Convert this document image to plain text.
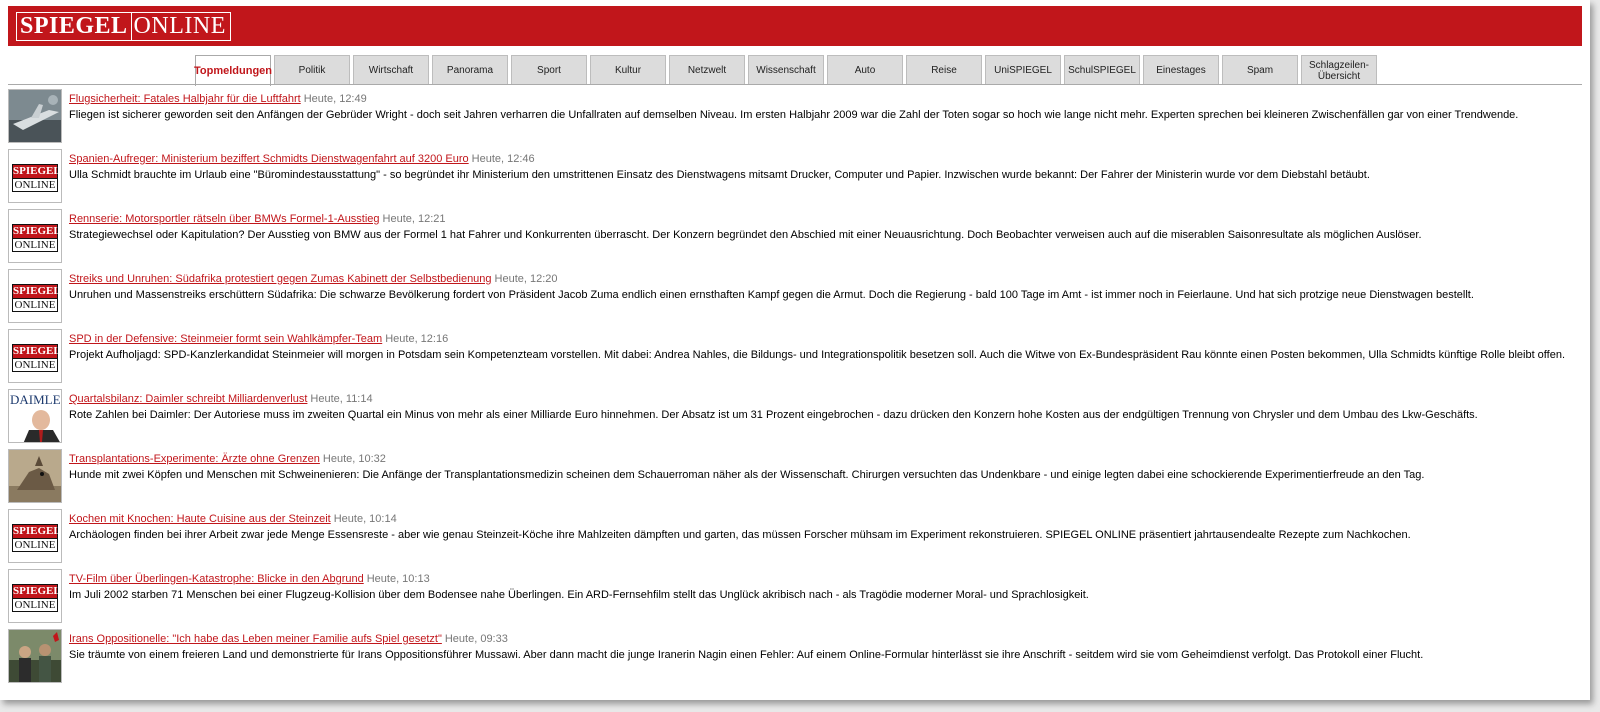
SPIEGEL ONLINE
Topmeldungen	Politik	Wirtschaft	Panorama	Sport	Kultur	Netzwelt	Wissenschaft	Auto	Reise	UniSPIEGEL	SchulSPIEGEL	Einestages	Spam	Schlagzeilen-Übersicht
Flugsicherheit: Fatales Halbjahr für die Luftfahrt Heute, 12:49
Fliegen ist sicherer geworden seit den Anfängen der Gebrüder Wright - doch seit Jahren verharren die Unfallraten auf demselben Niveau. Im ersten Halbjahr 2009 war die Zahl der Toten sogar so hoch wie lange nicht mehr. Experten sprechen bei kleineren Zwischenfällen gar von einer Trendwende.
SPIEGEL
ONLINE
Spanien-Aufreger: Ministerium beziffert Schmidts Dienstwagenfahrt auf 3200 Euro Heute, 12:46
Ulla Schmidt brauchte im Urlaub eine "Büromindestausstattung" - so begründet ihr Ministerium den umstrittenen Einsatz des Dienstwagens mitsamt Drucker, Computer und Papier. Inzwischen wurde bekannt: Der Fahrer der Ministerin wurde vor dem Diebstahl betäubt.
SPIEGEL
ONLINE
Rennserie: Motorsportler rätseln über BMWs Formel-1-Ausstieg Heute, 12:21
Strategiewechsel oder Kapitulation? Der Ausstieg von BMW aus der Formel 1 hat Fahrer und Konkurrenten überrascht. Der Konzern begründet den Abschied mit einer Neuausrichtung. Doch Beobachter verweisen auch auf die miserablen Saisonresultate als möglichen Auslöser.
SPIEGEL
ONLINE
Streiks und Unruhen: Südafrika protestiert gegen Zumas Kabinett der Selbstbedienung Heute, 12:20
Unruhen und Massenstreiks erschüttern Südafrika: Die schwarze Bevölkerung fordert von Präsident Jacob Zuma endlich einen ernsthaften Kampf gegen die Armut. Doch die Regierung - bald 100 Tage im Amt - ist immer noch in Feierlaune. Und hat sich protzige neue Dienstwagen bestellt.
SPIEGEL
ONLINE
SPD in der Defensive: Steinmeier formt sein Wahlkämpfer-Team Heute, 12:16
Projekt Aufholjagd: SPD-Kanzlerkandidat Steinmeier will morgen in Potsdam sein Kompetenzteam vorstellen. Mit dabei: Andrea Nahles, die Bildungs- und Integrationspolitik besetzen soll. Auch die Witwe von Ex-Bundespräsident Rau könnte einen Posten bekommen, Ulla Schmidts künftige Rolle bleibt offen.
DAIMLE Quartalsbilanz: Daimler schreibt Milliardenverlust Heute, 11:14
Rote Zahlen bei Daimler: Der Autoriese muss im zweiten Quartal ein Minus von mehr als einer Milliarde Euro hinnehmen. Der Absatz ist um 31 Prozent eingebrochen - dazu drücken den Konzern hohe Kosten aus der endgültigen Trennung von Chrysler und dem Umbau des Lkw-Geschäfts.
Transplantations-Experimente: Ärzte ohne Grenzen Heute, 10:32
Hunde mit zwei Köpfen und Menschen mit Schweinenieren: Die Anfänge der Transplantationsmedizin scheinen dem Schauerroman näher als der Wissenschaft. Chirurgen versuchten das Undenkbare - und einige legten dabei eine schockierende Experimentierfreude an den Tag.
SPIEGEL
ONLINE
Kochen mit Knochen: Haute Cuisine aus der Steinzeit Heute, 10:14
Archäologen finden bei ihrer Arbeit zwar jede Menge Essensreste - aber wie genau Steinzeit-Köche ihre Mahlzeiten dämpften und garten, das müssen Forscher mühsam im Experiment rekonstruieren. SPIEGEL ONLINE präsentiert jahrtausendealte Rezepte zum Nachkochen.
SPIEGEL
ONLINE
TV-Film über Überlingen-Katastrophe: Blicke in den Abgrund Heute, 10:13
Im Juli 2002 starben 71 Menschen bei einer Flugzeug-Kollision über dem Bodensee nahe Überlingen. Ein ARD-Fernsehfilm stellt das Unglück akribisch nach - als Tragödie moderner Moral- und Sprachlosigkeit.
Irans Oppositionelle: "Ich habe das Leben meiner Familie aufs Spiel gesetzt" Heute, 09:33
Sie träumte von einem freieren Land und demonstrierte für Irans Oppositionsführer Mussawi. Aber dann macht die junge Iranerin Nagin einen Fehler: Auf einem Online-Formular hinterlässt sie ihre Anschrift - seitdem wird sie vom Geheimdienst verfolgt. Das Protokoll einer Flucht.
